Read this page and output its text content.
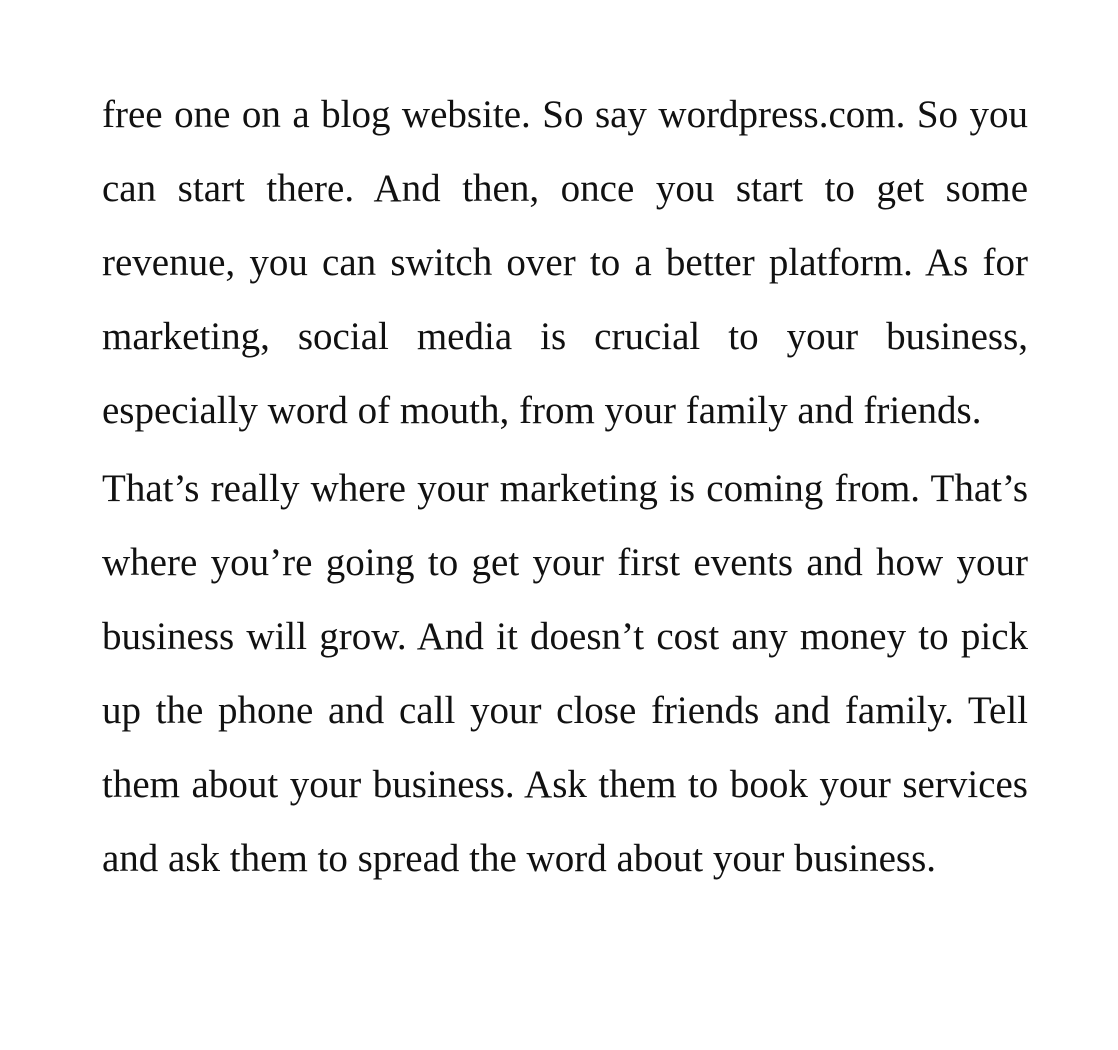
free one on a blog website. So say wordpress.com. So you can start there. And then, once you start to get some revenue, you can switch over to a better platform. As for marketing, social media is crucial to your business, especially word of mouth, from your family and friends.

That’s really where your marketing is coming from. That’s where you’re going to get your first events and how your business will grow. And it doesn’t cost any money to pick up the phone and call your close friends and family. Tell them about your business. Ask them to book your services and ask them to spread the word about your business.
